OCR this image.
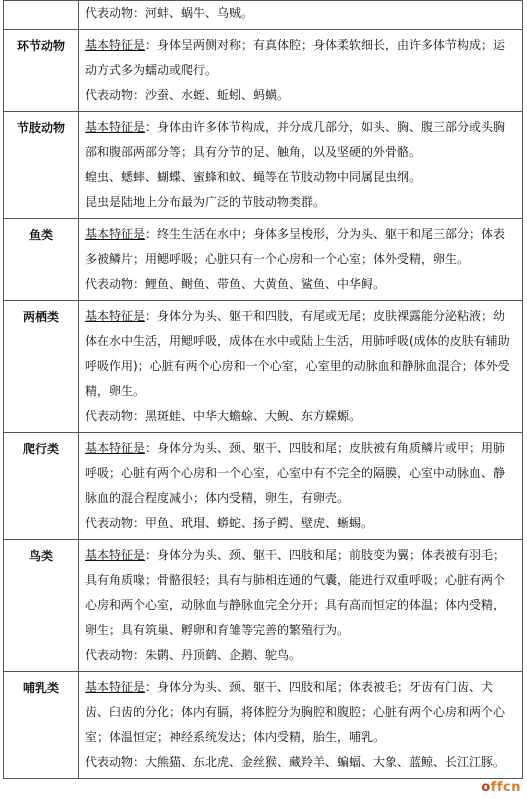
	代表动物：河蚌、蜗牛、乌贼。

环节动物	基本特征是：身体呈两侧对称；有真体腔；身体柔软细长，由许多体节构成；运动方式多为蠕动或爬行。

代表动物：沙蚕、水蛭、蚯蚓、蚂蟥。

节肢动物	基本特征是：身体由许多体节构成，并分成几部分，如头、胸、腹三部分或头胸部和腹部两部分等；具有分节的足、触角，以及坚硬的外骨骼。

蝗虫、蟋蟀、蝴蝶、蜜蜂和蚊、蝇等在节肢动物中同属昆虫纲。

昆虫是陆地上分布最为广泛的节肢动物类群。

鱼类	基本特征是：终生生活在水中；身体多呈梭形，分为头、躯干和尾三部分；体表多被鳞片；用鳃呼吸；心脏只有一个心房和一个心室；体外受精，卵生。

代表动物：鲤鱼、鲥鱼、带鱼、大黄鱼、鲨鱼、中华鲟。

两栖类	基本特征是：身体分为头、躯干和四肢，有尾或无尾；皮肤裸露能分泌粘液；幼体在水中生活，用鳃呼吸，成体在水中或陆上生活，用肺呼吸(成体的皮肤有辅助呼吸作用)；心脏有两个心房和一个心室，心室里的动脉血和静脉血混合；体外受精，卵生。

代表动物：黑斑蛙、中华大蟾蜍、大鲵、东方蝾螈。

爬行类	基本特征是：身体分为头、颈、躯干、四肢和尾；皮肤被有角质鳞片或甲；用肺呼吸；心脏有两个心房和一个心室，心室中有不完全的隔膜，心室中动脉血、静脉血的混合程度减小；体内受精，卵生，有卵壳。

代表动物：甲鱼、玳瑁、蟒蛇、扬子鳄、壁虎、蜥蜴。

鸟类	基本特征是：身体分为头、颈、躯干、四肢和尾；前肢变为翼；体表被有羽毛；具有角质喙；骨骼很轻；具有与肺相连通的气囊，能进行双重呼吸；心脏有两个心房和两个心室，动脉血与静脉血完全分开；具有高而恒定的体温；体内受精，卵生；具有筑巢、孵卵和育雏等完善的繁殖行为。

代表动物：朱鹮、丹顶鹤、企鹅、鸵鸟。

哺乳类	基本特征是：身体分为头、颈、躯干、四肢和尾；体表被毛；牙齿有门齿、犬齿、臼齿的分化；体内有膈，将体腔分为胸腔和腹腔；心脏有两个心房和两个心室；体温恒定；神经系统发达；体内受精，胎生，哺乳。

代表动物：大熊猫、东北虎、金丝猴、藏羚羊、蝙蝠、大象、蓝鲸、长江江豚。

offcn
